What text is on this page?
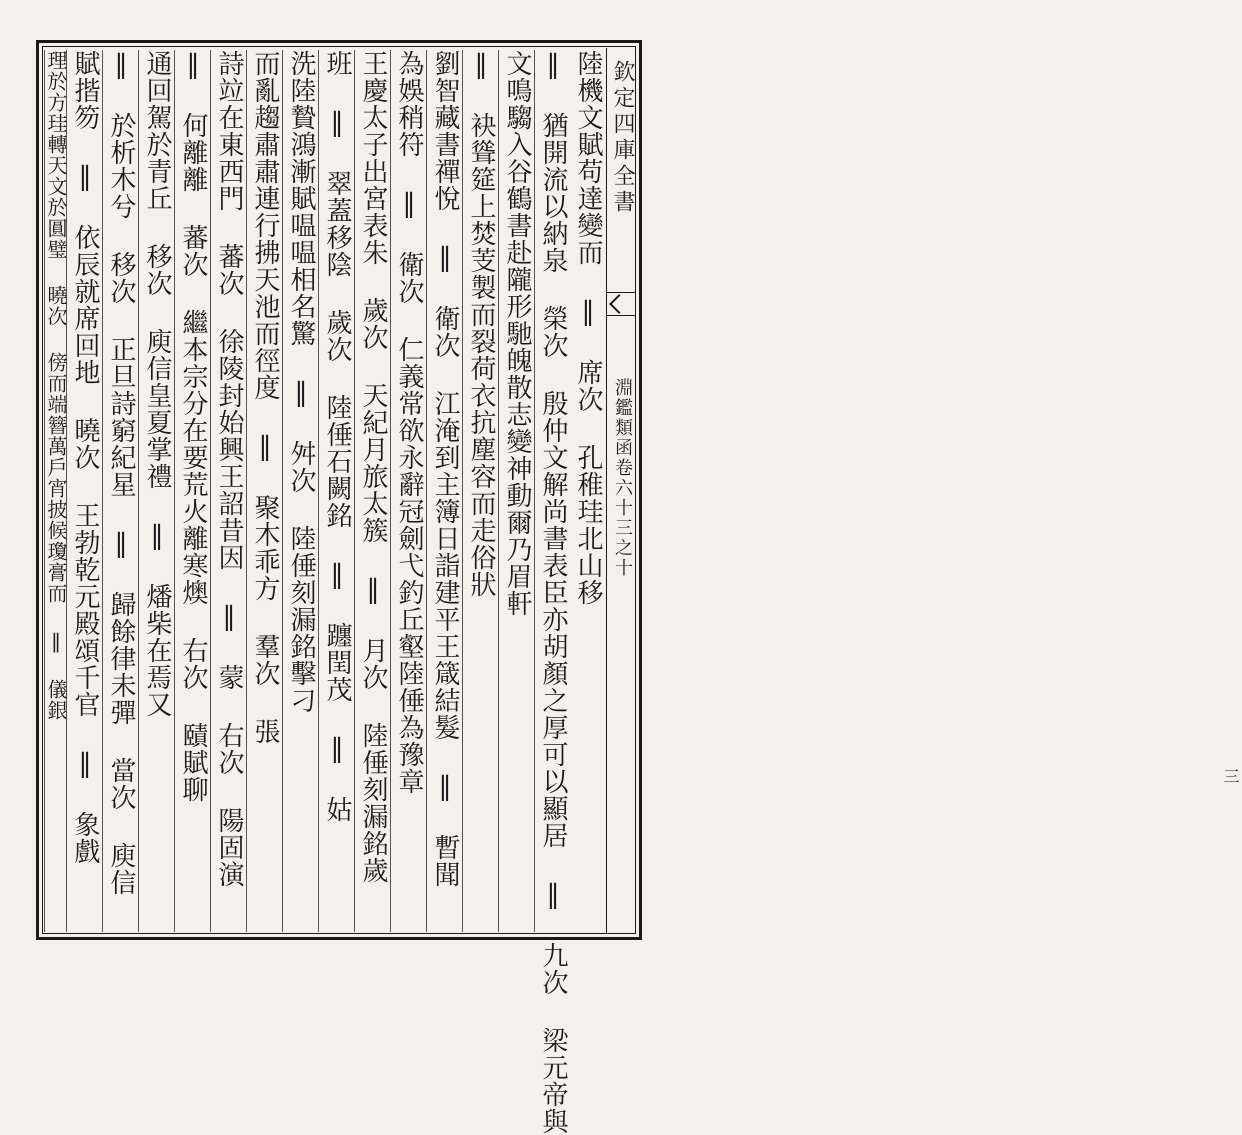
欽定四庫全書
淵鑑類函卷六十三之十
三
陸機文賦苟達變而 ‖ 席次 孔稚珪北山移
‖ 猶開流以納泉 榮次 殷仲文解尚書表臣亦胡顏之厚可以顯居 ‖ 九次 梁元帝與
文鳴騶入谷鶴書赴隴形馳魄散志變神動爾乃眉軒
‖ 袂聳筵上焚芰製而裂荷衣抗塵容而走俗狀
劉智藏書禪悅 ‖ 衛次 江淹到主簿日詣建平王箴結髮 ‖ 暫聞
為娛稍符 ‖ 衛次 仁義常欲永辭冠劍弋釣丘壑陸倕為豫章
王慶太子出宮表朱 歲次 天紀月旅太簇 ‖ 月次 陸倕刻漏銘歲
班 ‖ 翠蓋移陰 歲次 陸倕石闕銘 ‖ 躔閏茂 ‖ 姑
洗陸贄鴻漸賦嗢嗢相名驚 ‖ 舛次 陸倕刻漏銘擊刁
而亂趨肅肅連行拂天池而徑度 ‖ 聚木乖方 羣次 張
詩竝在東西門 蕃次 徐陵封始興王詔昔因 ‖ 蒙 右次 陽固演
‖ 何離離 蕃次 繼本宗分在要荒火離寒燠 右次 賾賦聊
通回駕於青丘 移次 庾信皇夏掌禮 ‖ 燔柴在焉又
‖ 於析木兮 移次 正旦詩窮紀星 ‖ 歸餘律未彈 當次 庾信
賦揩笏 ‖ 依辰就席回地 曉次 王勃乾元殿頌千官 ‖ 象戲
理於方珪轉天文於圓璧 曉次 傍而端簪萬戶宵披候瓊膏而 ‖ 儀銀
